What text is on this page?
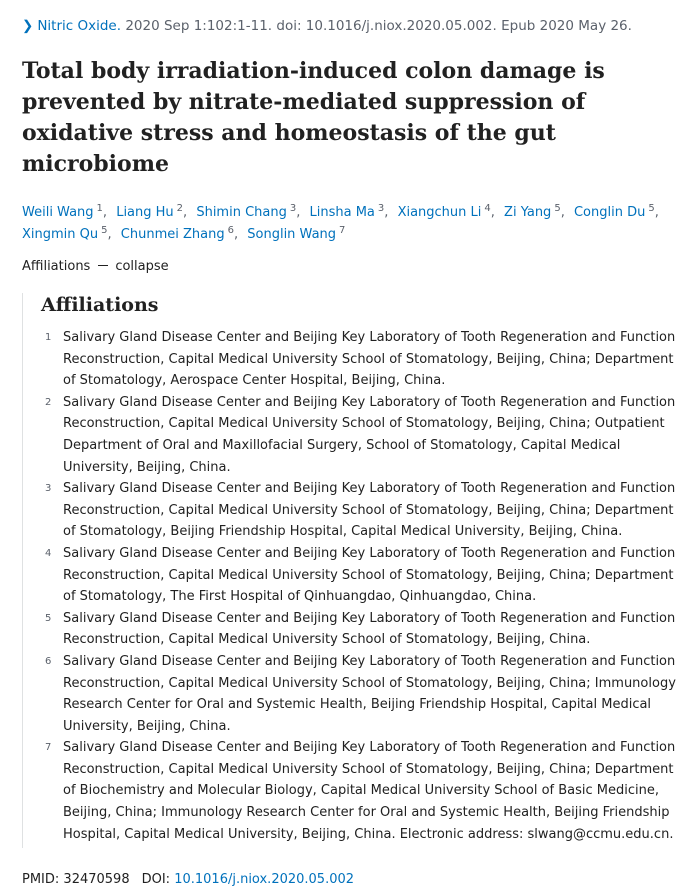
❯ Nitric Oxide. 2020 Sep 1:102:1-11. doi: 10.1016/j.niox.2020.05.002. Epub 2020 May 26.
Total body irradiation-induced colon damage is prevented by nitrate-mediated suppression of oxidative stress and homeostasis of the gut microbiome
Weili Wang $^1$, Liang Hu $^2$, Shimin Chang $^3$, Linsha Ma $^3$, Xiangchun Li $^4$, Zi Yang $^5$, Conglin Du $^5$, Xingmin Qu $^5$, Chunmei Zhang $^6$, Songlin Wang $^7$
Affiliations collapse
Affiliations
1 Salivary Gland Disease Center and Beijing Key Laboratory of Tooth Regeneration and Function Reconstruction, Capital Medical University School of Stomatology, Beijing, China; Department of Stomatology, Aerospace Center Hospital, Beijing, China.
2 Salivary Gland Disease Center and Beijing Key Laboratory of Tooth Regeneration and Function Reconstruction, Capital Medical University School of Stomatology, Beijing, China; Outpatient Department of Oral and Maxillofacial Surgery, School of Stomatology, Capital Medical University, Beijing, China.
3 Salivary Gland Disease Center and Beijing Key Laboratory of Tooth Regeneration and Function Reconstruction, Capital Medical University School of Stomatology, Beijing, China; Department of Stomatology, Beijing Friendship Hospital, Capital Medical University, Beijing, China.
4 Salivary Gland Disease Center and Beijing Key Laboratory of Tooth Regeneration and Function Reconstruction, Capital Medical University School of Stomatology, Beijing, China; Department of Stomatology, The First Hospital of Qinhuangdao, Qinhuangdao, China.
5 Salivary Gland Disease Center and Beijing Key Laboratory of Tooth Regeneration and Function Reconstruction, Capital Medical University School of Stomatology, Beijing, China.
6 Salivary Gland Disease Center and Beijing Key Laboratory of Tooth Regeneration and Function Reconstruction, Capital Medical University School of Stomatology, Beijing, China; Immunology Research Center for Oral and Systemic Health, Beijing Friendship Hospital, Capital Medical University, Beijing, China.
7 Salivary Gland Disease Center and Beijing Key Laboratory of Tooth Regeneration and Function Reconstruction, Capital Medical University School of Stomatology, Beijing, China; Department of Biochemistry and Molecular Biology, Capital Medical University School of Basic Medicine, Beijing, China; Immunology Research Center for Oral and Systemic Health, Beijing Friendship Hospital, Capital Medical University, Beijing, China. Electronic address: slwang@ccmu.edu.cn.
PMID: 32470598 DOI: 10.1016/j.niox.2020.05.002
